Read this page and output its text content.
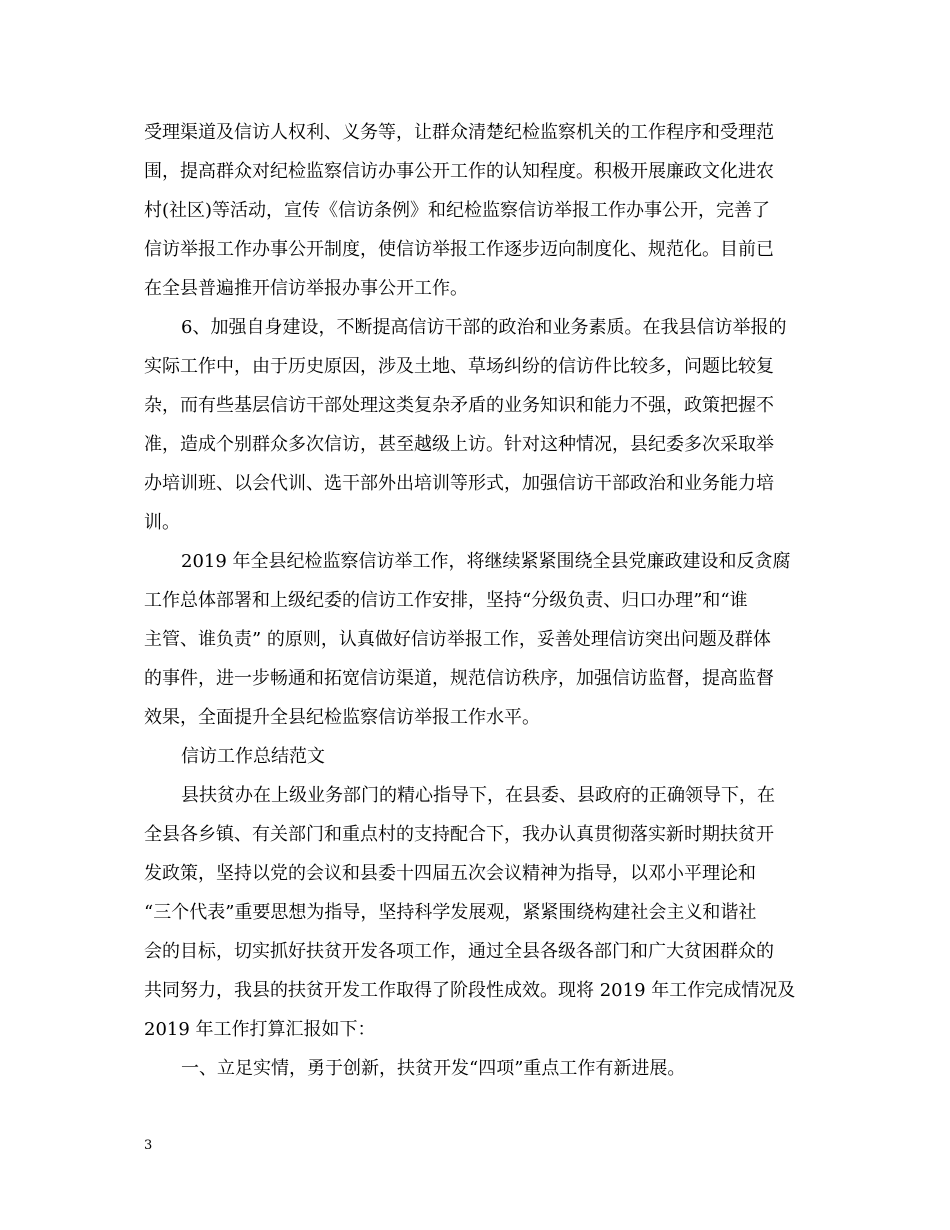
受理渠道及信访人权利、义务等，让群众清楚纪检监察机关的工作程序和受理范
围，提高群众对纪检监察信访办事公开工作的认知程度。积极开展廉政文化进农
村(社区)等活动，宣传《信访条例》和纪检监察信访举报工作办事公开，完善了
信访举报工作办事公开制度，使信访举报工作逐步迈向制度化、规范化。目前已
在全县普遍推开信访举报办事公开工作。
6、加强自身建设，不断提高信访干部的政治和业务素质。在我县信访举报的
实际工作中，由于历史原因，涉及土地、草场纠纷的信访件比较多，问题比较复
杂，而有些基层信访干部处理这类复杂矛盾的业务知识和能力不强，政策把握不
准，造成个别群众多次信访，甚至越级上访。针对这种情况，县纪委多次采取举
办培训班、以会代训、选干部外出培训等形式，加强信访干部政治和业务能力培
训。
2019 年全县纪检监察信访举工作，将继续紧紧围绕全县党廉政建设和反贪腐
工作总体部署和上级纪委的信访工作安排，坚持“分级负责、归口办理”和“谁
主管、谁负责” 的原则，认真做好信访举报工作，妥善处理信访突出问题及群体
的事件，进一步畅通和拓宽信访渠道，规范信访秩序，加强信访监督，提高监督
效果，全面提升全县纪检监察信访举报工作水平。
信访工作总结范文
县扶贫办在上级业务部门的精心指导下，在县委、县政府的正确领导下，在
全县各乡镇、有关部门和重点村的支持配合下，我办认真贯彻落实新时期扶贫开
发政策，坚持以党的会议和县委十四届五次会议精神为指导，以邓小平理论和
“三个代表”重要思想为指导，坚持科学发展观，紧紧围绕构建社会主义和谐社
会的目标，切实抓好扶贫开发各项工作，通过全县各级各部门和广大贫困群众的
共同努力，我县的扶贫开发工作取得了阶段性成效。现将 2019 年工作完成情况及
2019 年工作打算汇报如下：
一、立足实情，勇于创新，扶贫开发“四项”重点工作有新进展。
3
